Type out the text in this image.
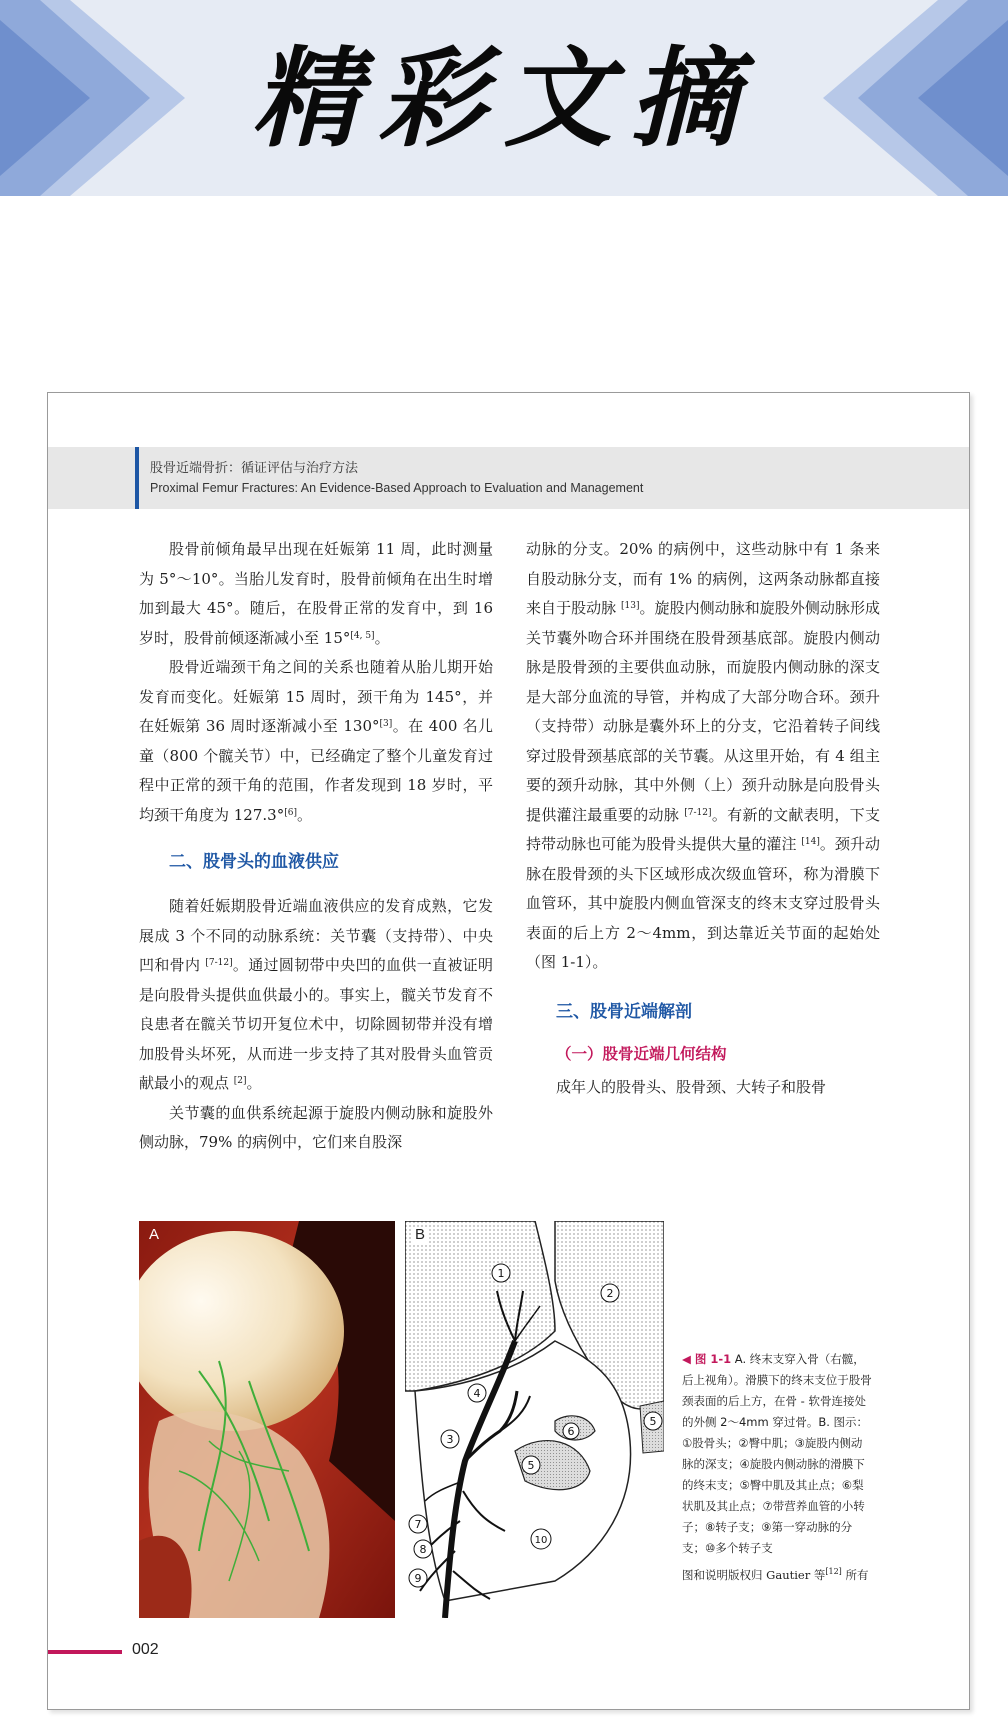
精彩文摘
股骨近端骨折：循证评估与治疗方法
Proximal Femur Fractures: An Evidence-Based Approach to Evaluation and Management

股骨前倾角最早出现在妊娠第 11 周，此时测量为 5°～10°。当胎儿发育时，股骨前倾角在出生时增加到最大 45°。随后，在股骨正常的发育中，到 16 岁时，股骨前倾逐渐减小至 15°[4, 5]。

股骨近端颈干角之间的关系也随着从胎儿期开始发育而变化。妊娠第 15 周时，颈干角为 145°，并在妊娠第 36 周时逐渐减小至 130°[3]。在 400 名儿童（800 个髋关节）中，已经确定了整个儿童发育过程中正常的颈干角的范围，作者发现到 18 岁时，平均颈干角度为 127.3°[6]。

二、股骨头的血液供应

随着妊娠期股骨近端血液供应的发育成熟，它发展成 3 个不同的动脉系统：关节囊（支持带）、中央凹和骨内 [7-12]。通过圆韧带中央凹的血供一直被证明是向股骨头提供血供最小的。事实上，髋关节发育不良患者在髋关节切开复位术中，切除圆韧带并没有增加股骨头坏死，从而进一步支持了其对股骨头血管贡献最小的观点 [2]。

关节囊的血供系统起源于旋股内侧动脉和旋股外侧动脉，79% 的病例中，它们来自股深

动脉的分支。20% 的病例中，这些动脉中有 1 条来自股动脉分支，而有 1% 的病例，这两条动脉都直接来自于股动脉 [13]。旋股内侧动脉和旋股外侧动脉形成关节囊外吻合环并围绕在股骨颈基底部。旋股内侧动脉是股骨颈的主要供血动脉，而旋股内侧动脉的深支是大部分血流的导管，并构成了大部分吻合环。颈升（支持带）动脉是囊外环上的分支，它沿着转子间线穿过股骨颈基底部的关节囊。从这里开始，有 4 组主要的颈升动脉，其中外侧（上）颈升动脉是向股骨头提供灌注最重要的动脉 [7-12]。有新的文献表明，下支持带动脉也可能为股骨头提供大量的灌注 [14]。颈升动脉在股骨颈的头下区域形成次级血管环，称为滑膜下血管环，其中旋股内侧血管深支的终末支穿过股骨头表面的后上方 2～4mm，到达靠近关节面的起始处（图 1-1）。

三、股骨近端解剖

（一）股骨近端几何结构

成年人的股骨头、股骨颈、大转子和股骨

A
1
2
3
4
5
5
6
7
8
9
10
B
◀ 图 1-1 A. 终末支穿入骨（右髋，后上视角）。滑膜下的终末支位于股骨颈表面的后上方，在骨 - 软骨连接处的外侧 2～4mm 穿过骨。B. 图示：①股骨头；②臀中肌；③旋股内侧动脉的深支；④旋股内侧动脉的滑膜下的终末支；⑤臀中肌及其止点；⑥梨状肌及其止点；⑦带营养血管的小转子；⑧转子支；⑨第一穿动脉的分支；⑩多个转子支
图和说明版权归 Gautier 等[12] 所有
002
